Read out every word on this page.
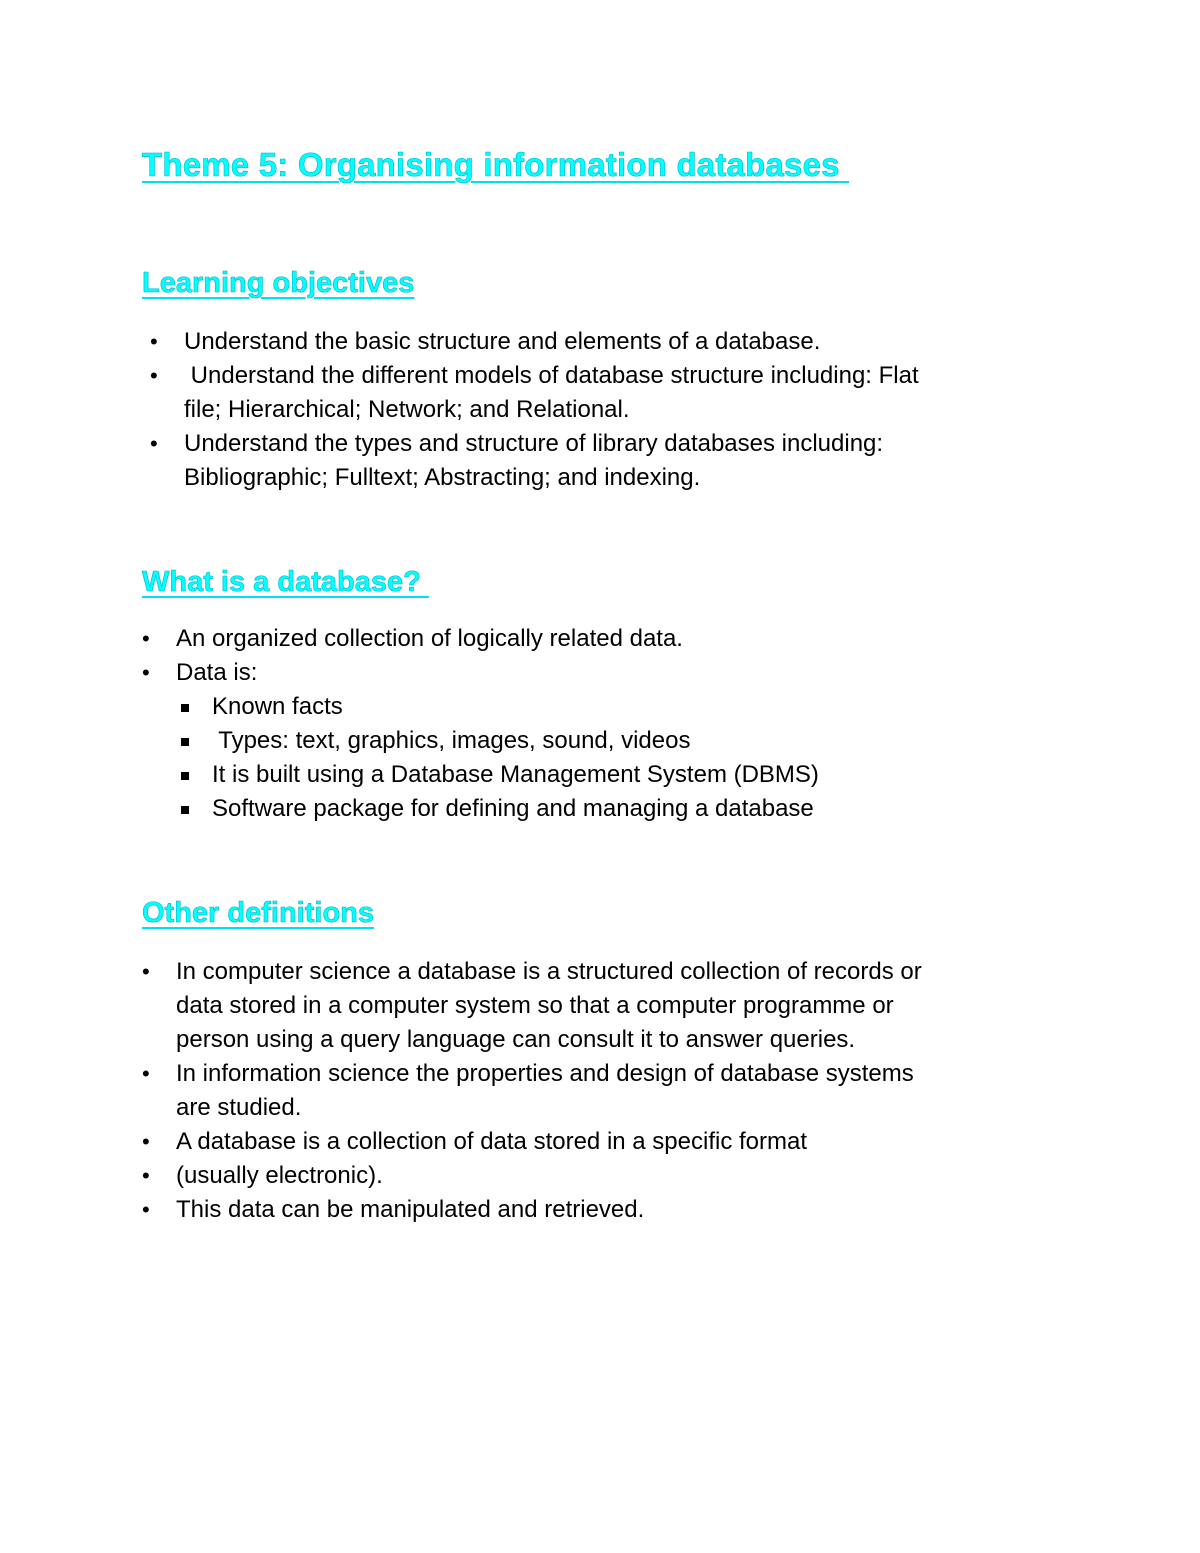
Theme 5: Organising information databases
Learning objectives
• Understand the basic structure and elements of a database.
• Understand the different models of database structure including: Flat
file; Hierarchical; Network; and Relational.
• Understand the types and structure of library databases including:
Bibliographic; Fulltext; Abstracting; and indexing.
What is a database?
• An organized collection of logically related data.
• Data is:
Known facts
Types: text, graphics, images, sound, videos
It is built using a Database Management System (DBMS)
Software package for defining and managing a database
Other definitions
• In computer science a database is a structured collection of records or
data stored in a computer system so that a computer programme or
person using a query language can consult it to answer queries.
• In information science the properties and design of database systems
are studied.
• A database is a collection of data stored in a specific format
• (usually electronic).
• This data can be manipulated and retrieved.
